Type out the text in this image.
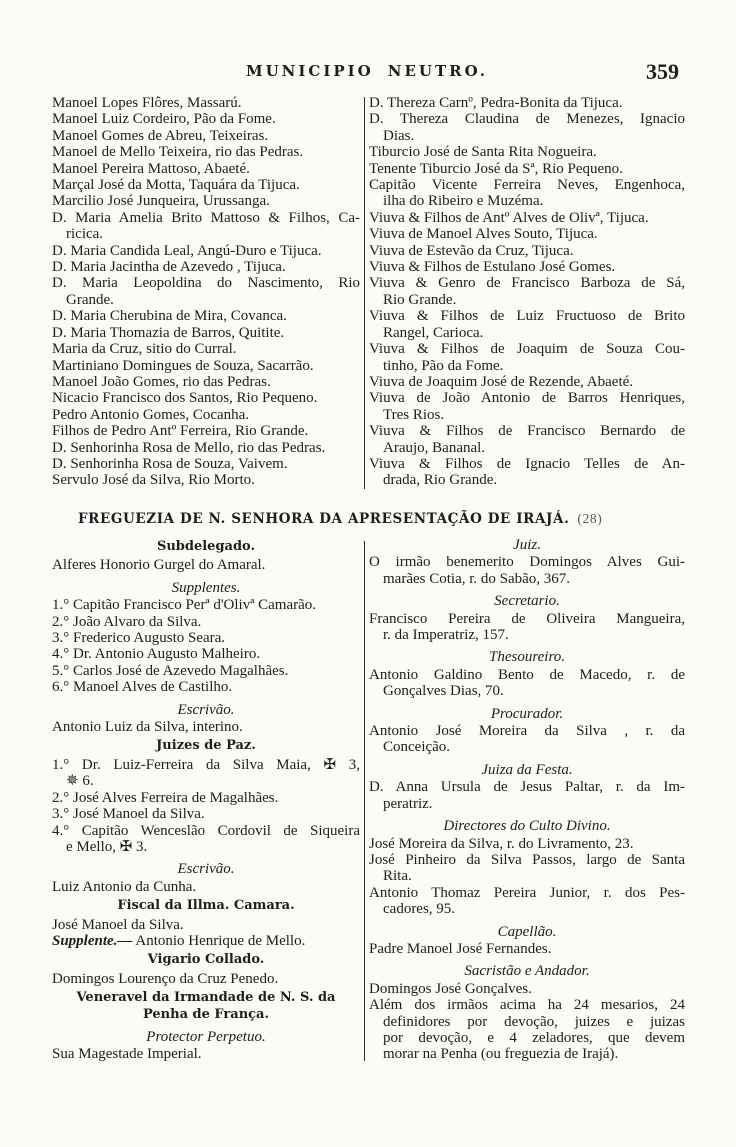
MUNICIPIO NEUTRO.	359
Manoel Lopes Flôres, Massarú.
Manoel Luiz Cordeiro, Pão da Fome.
Manoel Gomes de Abreu, Teixeiras.
Manoel de Mello Teixeira, rio das Pedras.
Manoel Pereira Mattoso, Abaeté.
Marçal José da Motta, Taquára da Tijuca.
Marcilio José Junqueira, Urussanga.
D. Maria Amelia Brito Mattoso & Filhos, Ca-
ricica.
D. Maria Candida Leal, Angú-Duro e Tijuca.
D. Maria Jacintha de Azevedo , Tijuca.
D. Maria Leopoldina do Nascimento, Rio
Grande.
D. Maria Cherubina de Mira, Covanca.
D. Maria Thomazia de Barros, Quitite.
Maria da Cruz, sitio do Curral.
Martiniano Domingues de Souza, Sacarrão.
Manoel João Gomes, rio das Pedras.
Nicacio Francisco dos Santos, Rio Pequeno.
Pedro Antonio Gomes, Cocanha.
Filhos de Pedro Antº Ferreira, Rio Grande.
D. Senhorinha Rosa de Mello, rio das Pedras.
D. Senhorinha Rosa de Souza, Vaivem.
Servulo José da Silva, Rio Morto.
D. Thereza Carnº, Pedra-Bonita da Tijuca.
D. Thereza Claudina de Menezes, Ignacio
Dias.
Tiburcio José de Santa Rita Nogueira.
Tenente Tiburcio José da Sª, Rio Pequeno.
Capitão Vicente Ferreira Neves, Engenhoca,
ilha do Ribeiro e Muzéma.
Viuva & Filhos de Antº Alves de Olivª, Tijuca.
Viuva de Manoel Alves Souto, Tijuca.
Viuva de Estevão da Cruz, Tijuca.
Viuva & Filhos de Estulano José Gomes.
Viuva & Genro de Francisco Barboza de Sá,
Rio Grande.
Viuva & Filhos de Luiz Fructuoso de Brito
Rangel, Carioca.
Viuva & Filhos de Joaquim de Souza Cou-
tinho, Pão da Fome.
Viuva de Joaquim José de Rezende, Abaeté.
Viuva de João Antonio de Barros Henriques,
Tres Rios.
Viuva & Filhos de Francisco Bernardo de
Araujo, Bananal.
Viuva & Filhos de Ignacio Telles de An-
drada, Rio Grande.
FREGUEZIA DE N. SENHORA DA APRESENTAÇÃO DE IRAJÁ. (28)
Subdelegado.
Alferes Honorio Gurgel do Amaral.
Supplentes.
1.° Capitão Francisco Perª d'Olivª Camarão.
2.° João Alvaro da Silva.
3.° Frederico Augusto Seara.
4.° Dr. Antonio Augusto Malheiro.
5.° Carlos José de Azevedo Magalhães.
6.° Manoel Alves de Castilho.
Escrivão.
Antonio Luiz da Silva, interino.
Juizes de Paz.
1.° Dr. Luiz-Ferreira da Silva Maia, ✠ 3,
✵ 6.
2.° José Alves Ferreira de Magalhães.
3.° José Manoel da Silva.
4.° Capitão Wenceslão Cordovil de Siqueira
e Mello, ✠ 3.
Escrivão.
Luiz Antonio da Cunha.
Fiscal da Illma. Camara.
José Manoel da Silva.
Supplente.— Antonio Henrique de Mello.
Vigario Collado.
Domingos Lourenço da Cruz Penedo.
Veneravel da Irmandade de N. S. da Penha de França.
Protector Perpetuo.
Sua Magestade Imperial.
Juiz.
O irmão benemerito Domingos Alves Gui-
marães Cotia, r. do Sabão, 367.
Secretario.
Francisco Pereira de Oliveira Mangueira,
r. da Imperatriz, 157.
Thesoureiro.
Antonio Galdino Bento de Macedo, r. de
Gonçalves Dias, 70.
Procurador.
Antonio José Moreira da Silva , r. da
Conceição.
Juiza da Festa.
D. Anna Ursula de Jesus Paltar, r. da Im-
peratriz.
Directores do Culto Divino.
José Moreira da Silva, r. do Livramento, 23.
José Pinheiro da Silva Passos, largo de Santa
Rita.
Antonio Thomaz Pereira Junior, r. dos Pes-
cadores, 95.
Capellão.
Padre Manoel José Fernandes.
Sacristão e Andador.
Domingos José Gonçalves.
Além dos irmãos acima ha 24 mesarios, 24
definidores por devoção, juizes e juizas
por devoção, e 4 zeladores, que devem
morar na Penha (ou freguezia de Irajá).
